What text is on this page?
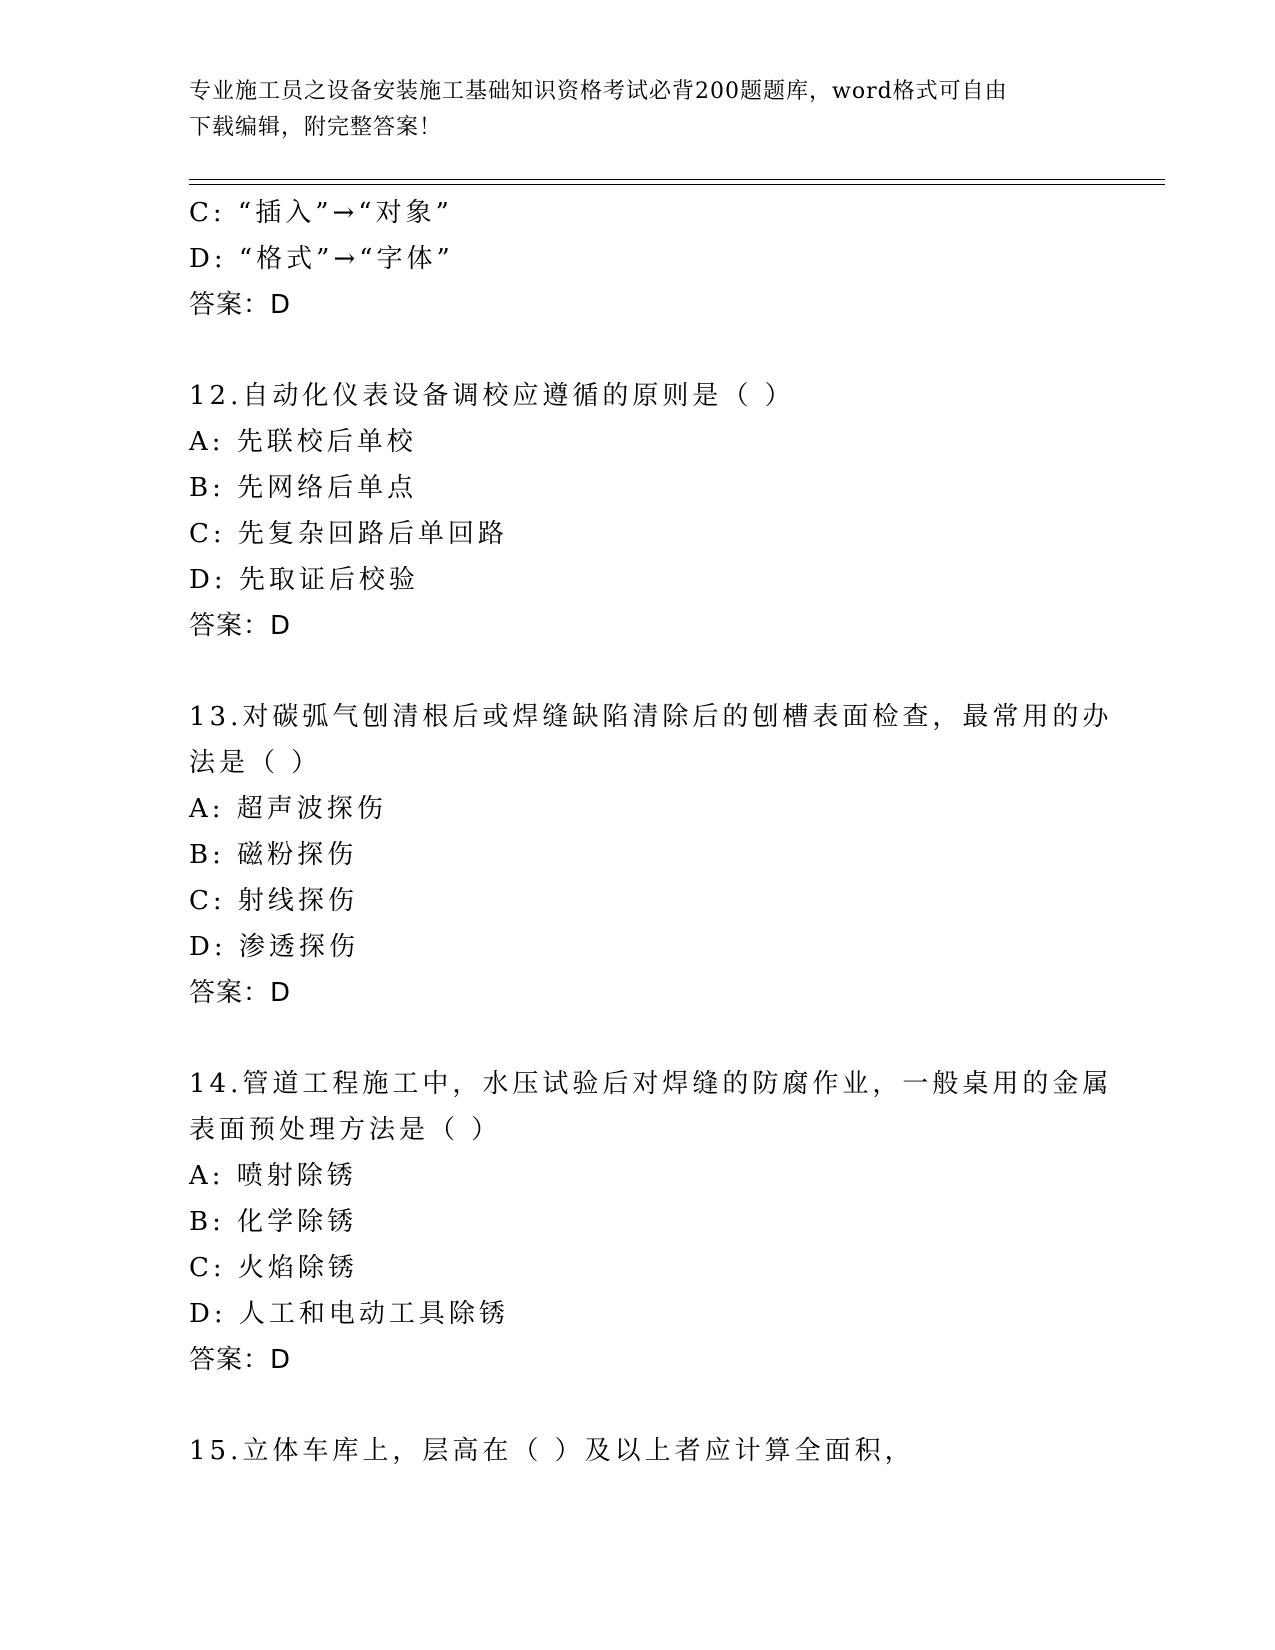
专业施工员之设备安装施工基础知识资格考试必背200题题库，word格式可自由
下载编辑，附完整答案！
C: “插入”→“对象”
D: “格式”→“字体”
答案：D
12.自动化仪表设备调校应遵循的原则是（ ）
A: 先联校后单校
B: 先网络后单点
C: 先复杂回路后单回路
D: 先取证后校验
答案：D
13.对碳弧气刨清根后或焊缝缺陷清除后的刨槽表面检查，最常用的办
法是（ ）
A: 超声波探伤
B: 磁粉探伤
C: 射线探伤
D: 渗透探伤
答案：D
14.管道工程施工中，水压试验后对焊缝的防腐作业，一般桌用的金属
表面预处理方法是（ ）
A: 喷射除锈
B: 化学除锈
C: 火焰除锈
D: 人工和电动工具除锈
答案：D
15.立体车库上，层高在（ ）及以上者应计算全面积，
